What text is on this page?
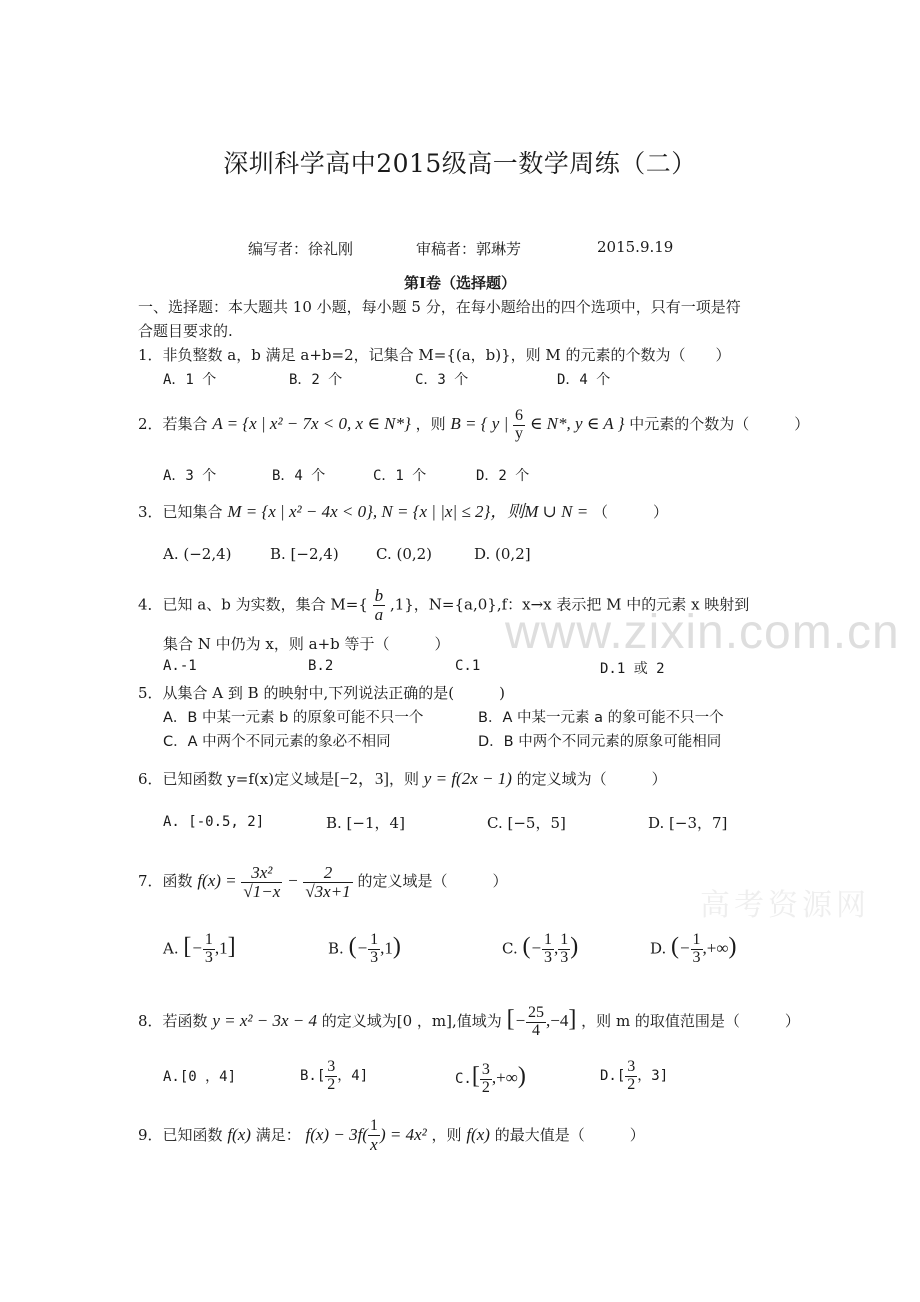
www.zixin.com.cn
高考资源网
深圳科学高中2015级高一数学周练（二）
编写者：徐礼刚	审稿者：郭琳芳	2015.9.19
第Ⅰ卷（选择题）
一、选择题：本大题共 10 小题，每小题 5 分，在每小题给出的四个选项中，只有一项是符
合题目要求的.
1．非负整数 a，b 满足 a+b=2，记集合 M={(a，b)}，则 M 的元素的个数为（　　）
A．1 个	B．2 个	C．3 个	D．4 个
2．若集合 A = {x | x² − 7x < 0, x ∈ N*} ，则 B = { y | $\frac{6}{y}$ ∈ N*, y ∈ A } 中元素的个数为（　　　）
A．3 个	B．4 个	C．1 个	D．2 个
3．已知集合 M = {x | x² − 4x < 0}, N = {x | |x| ≤ 2}，则M ∪ N = （　　　）
A. (−2,4)	B. [−2,4) C. (0,2)	D. (0,2]
4．已知 a、b 为实数，集合 $M=\{ \frac{b}{a} ,1\}$，N={a,0},f：x→x 表示把 M 中的元素 x 映射到
集合 N 中仍为 x，则 a+b 等于（　　　）
A.-1	B.2	C.1	D.1 或 2
5．从集合 A 到 B 的映射中,下列说法正确的是(　　　)
A．B 中某一元素 b 的原象可能不只一个	B．A 中某一元素 a 的象可能不只一个
C．A 中两个不同元素的象必不相同	D．B 中两个不同元素的原象可能相同
6．已知函数 y=f(x)定义域是[−2，3]，则 y = f(2x − 1) 的定义域为（　　　）
A. [-0.5, 2]	B. [−1，4]	C. [−5，5]	D. [−3，7]
7．函数 $f(x) = \frac{\text{3x²}}{√1-x} - \frac{2}{√3x+1}$ 的定义域是（　　　）
A. [− $\frac{1}{3} ,1$]	B. (− $\frac{1}{3} ,1$)	C. (− $\frac{1}{3}$ , $\frac{1}{3}$ )	D. (− $\frac{1}{3}$ ,+∞)
8．若函数 y = x² − 3x − 4 的定义域为[0 ，m],值域为 [− $\frac{25}{4} ,-4$] ，则 m 的取值范围是（　　　）
A.[0 ，4]	$B.[ \frac{3}{2}$ ，4]	$C.[ \frac{3}{2}$ ,+∞)	$D.[ \frac{3}{2}$ ，3]
9．已知函数 f(x) 满足： $f(x) - 3f( \frac{1}{x}$ ) = 4x² ，则 f(x) 的最大值是（　　　）
